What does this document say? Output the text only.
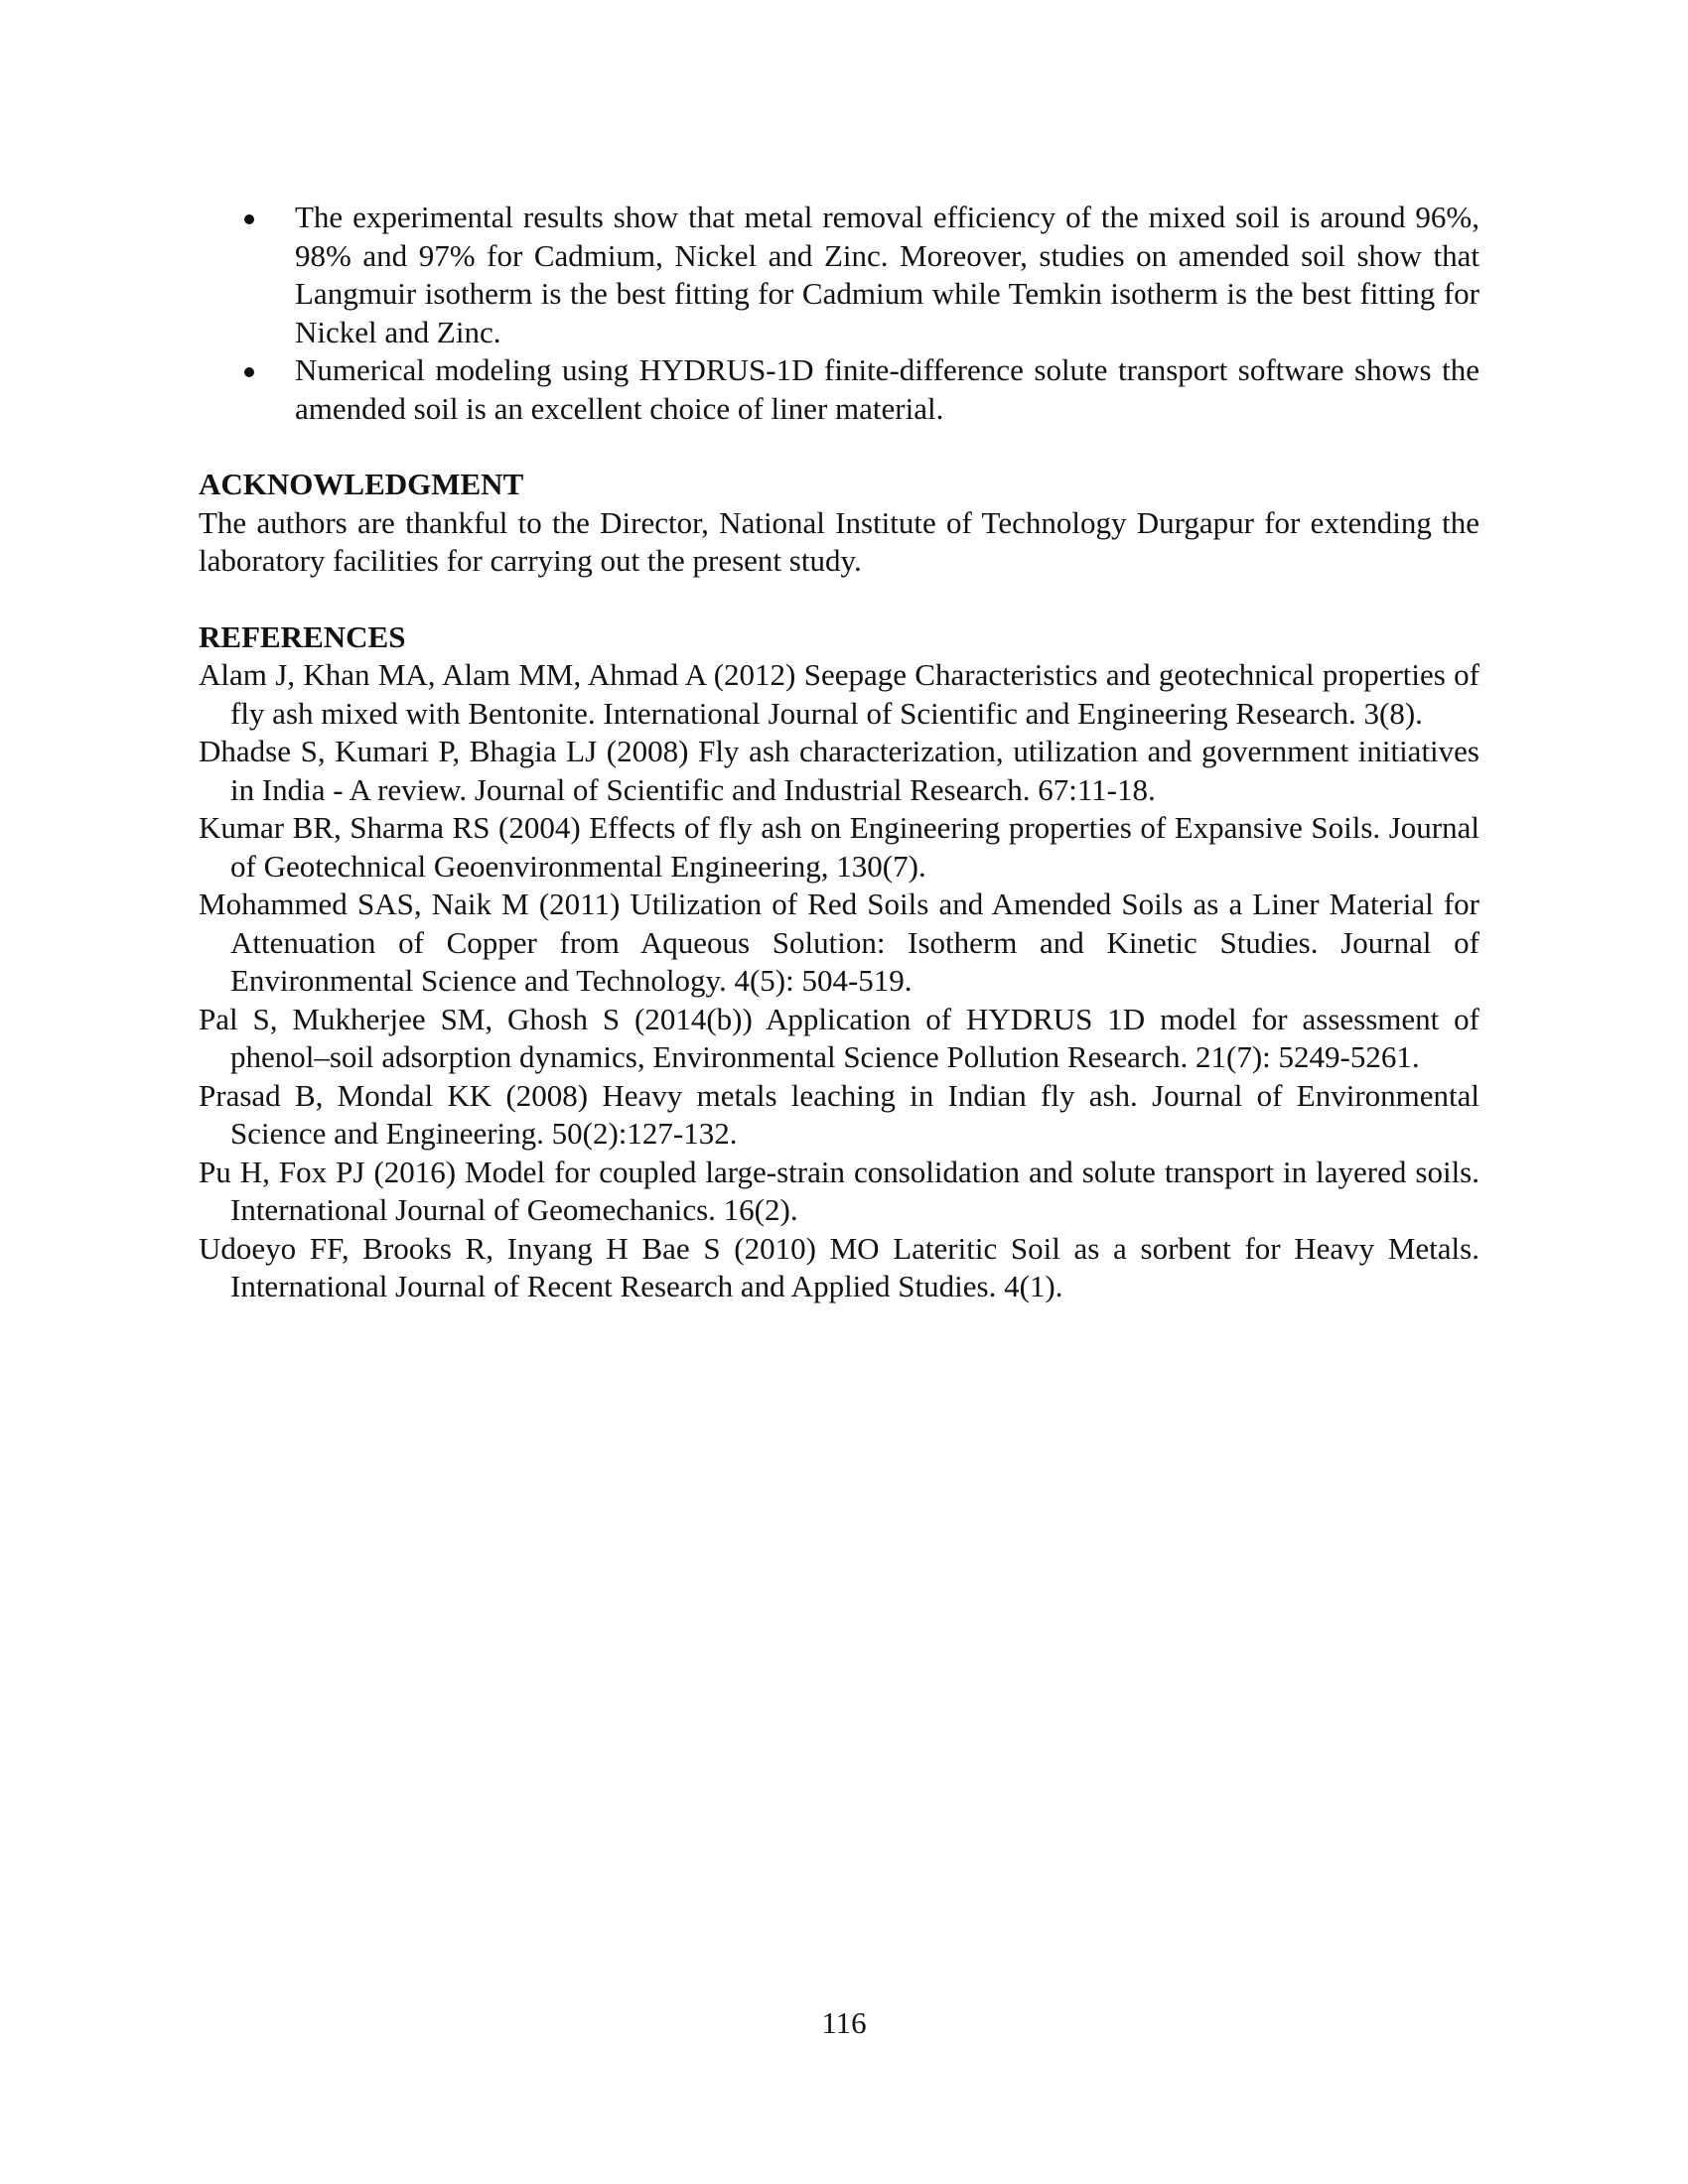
The experimental results show that metal removal efficiency of the mixed soil is around 96%, 98% and 97% for Cadmium, Nickel and Zinc. Moreover, studies on amended soil show that Langmuir isotherm is the best fitting for Cadmium while Temkin isotherm is the best fitting for Nickel and Zinc.
Numerical modeling using HYDRUS-1D finite-difference solute transport software shows the amended soil is an excellent choice of liner material.
ACKNOWLEDGMENT

The authors are thankful to the Director, National Institute of Technology Durgapur for extending the laboratory facilities for carrying out the present study.

REFERENCES
Alam J, Khan MA, Alam MM, Ahmad A (2012) Seepage Characteristics and geotechnical properties of fly ash mixed with Bentonite. International Journal of Scientific and Engineering Research. 3(8).
Dhadse S, Kumari P, Bhagia LJ (2008) Fly ash characterization, utilization and government initiatives in India - A review. Journal of Scientific and Industrial Research. 67:11-18.
Kumar BR, Sharma RS (2004) Effects of fly ash on Engineering properties of Expansive Soils. Journal of Geotechnical Geoenvironmental Engineering, 130(7).
Mohammed SAS, Naik M (2011) Utilization of Red Soils and Amended Soils as a Liner Material for Attenuation of Copper from Aqueous Solution: Isotherm and Kinetic Studies. Journal of Environmental Science and Technology. 4(5): 504-519.
Pal S, Mukherjee SM, Ghosh S (2014(b)) Application of HYDRUS 1D model for assessment of phenol–soil adsorption dynamics, Environmental Science Pollution Research. 21(7): 5249-5261.
Prasad B, Mondal KK (2008) Heavy metals leaching in Indian fly ash. Journal of Environmental Science and Engineering. 50(2):127-132.
Pu H, Fox PJ (2016) Model for coupled large-strain consolidation and solute transport in layered soils. International Journal of Geomechanics. 16(2).
Udoeyo FF, Brooks R, Inyang H Bae S (2010) MO Lateritic Soil as a sorbent for Heavy Metals. International Journal of Recent Research and Applied Studies. 4(1).
116
